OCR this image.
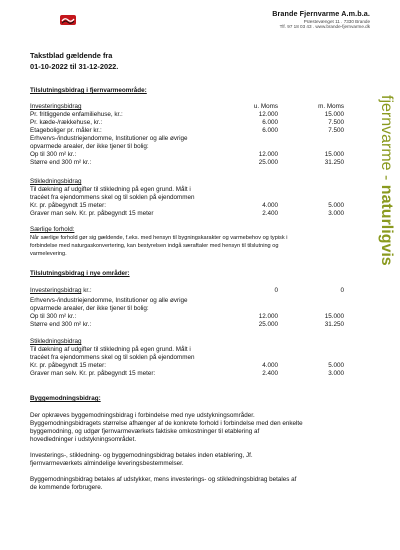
Brande Fjernvarme A.m.b.a.
Præstevænget 11 . 7330 Brande
Tlf. 97 18 03 43 . www.brande-fjernvarme.dk
Takstblad gældende fra
01-10-2022 til 31-12-2022.
fjernvarme - naturligvis
Tilslutningsbidrag i fjernvarmeområde:
Investeringsbidrag	u. Moms	m. Moms
Pr. fritliggende enfamiliehuse, kr.:	12.000	15.000
Pr. kæde-/rækkehuse, kr.:	6.000	7.500
Etageboliger pr. måler kr.:	6.000	7.500
Erhvervs-/industriejendomme, Institutioner og alle øvrige
opvarmede arealer, der ikke tjener til bolig:
Op til 300 m² kr.:	12.000	15.000
Større end 300 m² kr.:	25.000	31.250
Stikledningsbidrag
Til dækning af udgifter til stikledning på egen grund. Målt i
tracéet fra ejendommens skel og til soklen på ejendommen
Kr. pr. påbegyndt 15 meter:	4.000	5.000
Graver man selv. Kr. pr. påbegyndt 15 meter	2.400	3.000
Særlige forhold:
Når særlige forhold gør sig gældende, f.eks. med hensyn til bygningskarakter og varmebehov og typisk i
forbindelse med naturgaskonvertering, kan bestyrelsen indgå særaftaler med hensyn til tilslutning og
varmelevering.
Tilslutningsbidrag i nye områder:
Investeringsbidrag kr.:	0	0
Erhvervs-/industriejendomme, Institutioner og alle øvrige
opvarmede arealer, der ikke tjener til bolig:
Op til 300 m² kr.:	12.000	15.000
Større end 300 m² kr.:	25.000	31.250
Stikledningsbidrag
Til dækning af udgifter til stikledning på egen grund. Målt i
tracéet fra ejendommens skel og til soklen på ejendommen
Kr. pr. påbegyndt 15 meter:	4.000	5.000
Graver man selv. Kr. pr. påbegyndt 15 meter:	2.400	3.000
Byggemodningsbidrag:
Der opkræves byggemodningsbidrag i forbindelse med nye udstykningsområder.
Byggemodningsbidragets størrelse afhænger af de konkrete forhold i forbindelse med den enkelte
byggemodning, og udgør fjernvarmeværkets faktiske omkostninger til etablering af
hovedledninger i udstykningsområdet.
Investerings-, stikledning- og byggemodningsbidrag betales inden etablering, Jf.
fjernvarmeværkets almindelige leveringsbestemmelser.
Byggemodningsbidrag betales af udstykker, mens investerings- og stikledningsbidrag betales af
de kommende forbrugere.
